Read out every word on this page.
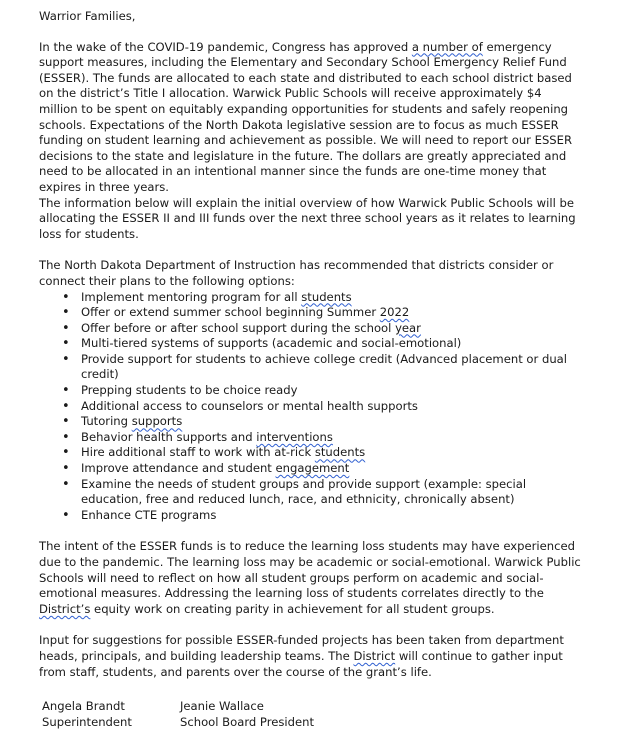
Warrior Families,

In the wake of the COVID-19 pandemic, Congress has approved a number of emergency support measures, including the Elementary and Secondary School Emergency Relief Fund (ESSER). The funds are allocated to each state and distributed to each school district based on the district’s Title I allocation. Warwick Public Schools will receive approximately $4 million to be spent on equitably expanding opportunities for students and safely reopening schools. Expectations of the North Dakota legislative session are to focus as much ESSER funding on student learning and achievement as possible. We will need to report our ESSER decisions to the state and legislature in the future. The dollars are greatly appreciated and need to be allocated in an intentional manner since the funds are one-time money that expires in three years.

The information below will explain the initial overview of how Warwick Public Schools will be allocating the ESSER II and III funds over the next three school years as it relates to learning loss for students.

The North Dakota Department of Instruction has recommended that districts consider or connect their plans to the following options:

• Implement mentoring program for all students
• Offer or extend summer school beginning Summer 2022
• Offer before or after school support during the school year
• Multi-tiered systems of supports (academic and social-emotional)
• Provide support for students to achieve college credit (Advanced placement or dual credit)
• Prepping students to be choice ready
• Additional access to counselors or mental health supports
• Tutoring supports
• Behavior health supports and interventions
• Hire additional staff to work with at-rick students
• Improve attendance and student engagement
• Examine the needs of student groups and provide support (example: special education, free and reduced lunch, race, and ethnicity, chronically absent)
• Enhance CTE programs

The intent of the ESSER funds is to reduce the learning loss students may have experienced due to the pandemic. The learning loss may be academic or social-emotional. Warwick Public Schools will need to reflect on how all student groups perform on academic and social-emotional measures. Addressing the learning loss of students correlates directly to the District’s equity work on creating parity in achievement for all student groups.

Input for suggestions for possible ESSER-funded projects has been taken from department heads, principals, and building leadership teams. The District will continue to gather input from staff, students, and parents over the course of the grant’s life.

Angela Brandt
Superintendent
Jeanie Wallace
School Board President
